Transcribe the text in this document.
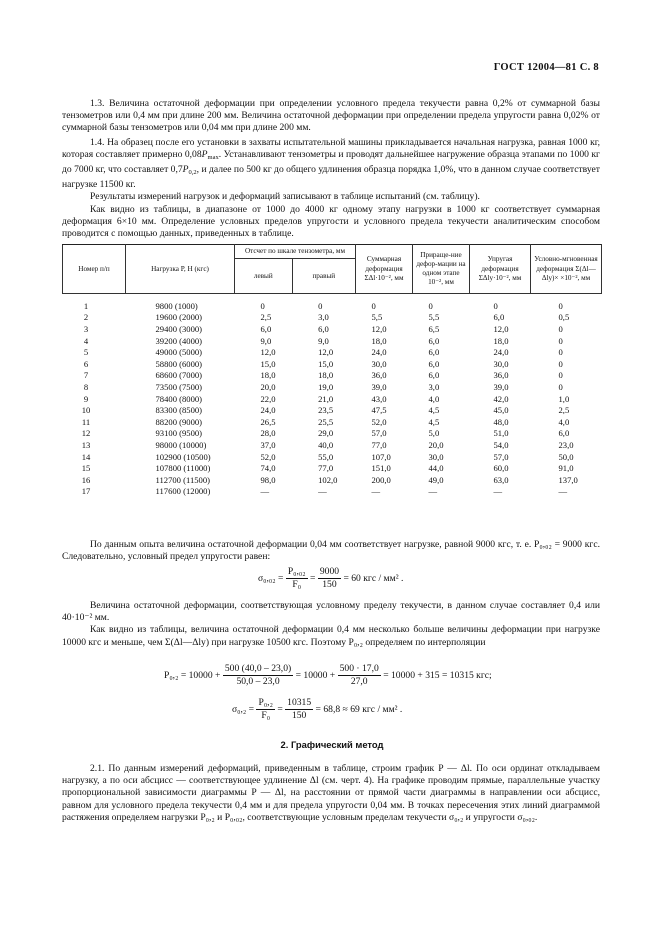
ГОСТ 12004—81 С. 8

1.3. Величина остаточной деформации при определении условного предела текучести равна 0,2% от суммарной базы тензометров или 0,4 мм при длине 200 мм. Величина остаточной деформации при определении предела упругости равна 0,02% от суммарной базы тензометров или 0,04 мм при длине 200 мм.

1.4. На образец после его установки в захваты испытательной машины прикладывается начальная нагрузка, равная 1000 кг, которая составляет примерно $0,08P_{max}$. Устанавливают тензометры и проводят дальнейшее нагружение образца этапами по 1000 кг до 7000 кг, что составляет $0,7P_{0,2}$, и далее по 500 кг до общего удлинения образца порядка 1,0%, что в данном случае соответствует нагрузке 11500 кг.

Результаты измерений нагрузок и деформаций записывают в таблице испытаний (см. таблицу).

Как видно из таблицы, в диапазоне от 1000 до 4000 кг одному этапу нагрузки в 1000 кг соответствует суммарная деформация 6×10 мм. Определение условных пределов упругости и условного предела текучести аналитическим способом проводится с помощью данных, приведенных в таблице.

Номер п/п	Нагрузка P, Н (кгс)	Отсчет по шкале тензометра, мм		Суммарная деформация ΣΔl·10⁻², мм	Прираще-ние дефор-мации на одном этапе 10⁻², мм	Упругая деформация ΣΔlу·10⁻², мм	Условно-мгновенная деформация Σ(Δl—Δlу)× ×10⁻², мм
		левый	правый				
1	9800 (1000)	0	0	0	0	0	0
2	19600 (2000)	2,5	3,0	5,5	5,5	6,0	0,5
3	29400 (3000)	6,0	6,0	12,0	6,5	12,0	0
4	39200 (4000)	9,0	9,0	18,0	6,0	18,0	0
5	49000 (5000)	12,0	12,0	24,0	6,0	24,0	0
6	58800 (6000)	15,0	15,0	30,0	6,0	30,0	0
7	68600 (7000)	18,0	18,0	36,0	6,0	36,0	0
8	73500 (7500)	20,0	19,0	39,0	3,0	39,0	0
9	78400 (8000)	22,0	21,0	43,0	4,0	42,0	1,0
10	83300 (8500)	24,0	23,5	47,5	4,5	45,0	2,5
11	88200 (9000)	26,5	25,5	52,0	4,5	48,0	4,0
12	93100 (9500)	28,0	29,0	57,0	5,0	51,0	6,0
13	98000 (10000)	37,0	40,0	77,0	20,0	54,0	23,0
14	102900 (10500)	52,0	55,0	107,0	30,0	57,0	50,0
15	107800 (11000)	74,0	77,0	151,0	44,0	60,0	91,0
16	112700 (11500)	98,0	102,0	200,0	49,0	63,0	137,0
17	117600 (12000)	—	—	—	—	—	—

По данным опыта величина остаточной деформации 0,04 мм соответствует нагрузке, равной 9000 кгс, т. е. P₀,₀₂ = 9000 кгс. Следовательно, условный предел упругости равен:

$\sigma_0,_{02} = \frac{\text{P₀,₀₂}}{\text{F₀}} = \frac{9000}{150} = 60$ кгс / мм² .

Величина остаточной деформации, соответствующая условному пределу текучести, в данном случае составляет 0,4 или 40·10⁻² мм.

Как видно из таблицы, величина остаточной деформации 0,4 мм несколько больше величины деформации при нагрузке 10000 кгс и меньше, чем Σ(Δl—Δlу) при нагрузке 10500 кгс. Поэтому P₀,₂ определяем по интерполяции

$P_0,_2 = 10000 + \frac{500 (40,0 - 23,0)}{50,0 - 23,0} = 10000 + \frac{500 \cdot 17,0}{27,0} = 10000 + 315 = 10315$ кгс;
$\sigma_0,_2 = \frac{\text{P₀,₂}}{\text{F₀}} = \frac{10315}{150} = 68,8 \approx 69$ кгс / мм² .
2. Графический метод

2.1. По данным измерений деформаций, приведенным в таблице, строим график P — Δl. По оси ординат откладываем нагрузку, а по оси абсцисс — соответствующее удлинение Δl (см. черт. 4). На графике проводим прямые, параллельные участку пропорциональной зависимости диаграммы P — Δl, на расстоянии от прямой части диаграммы в направлении оси абсцисс, равном для условного предела текучести 0,4 мм и для предела упругости 0,04 мм. В точках пересечения этих линий диаграммой растяжения определяем нагрузки P₀,₂ и P₀,₀₂, соответствующие условным пределам текучести σ₀,₂ и упругости σ₀,₀₂.
